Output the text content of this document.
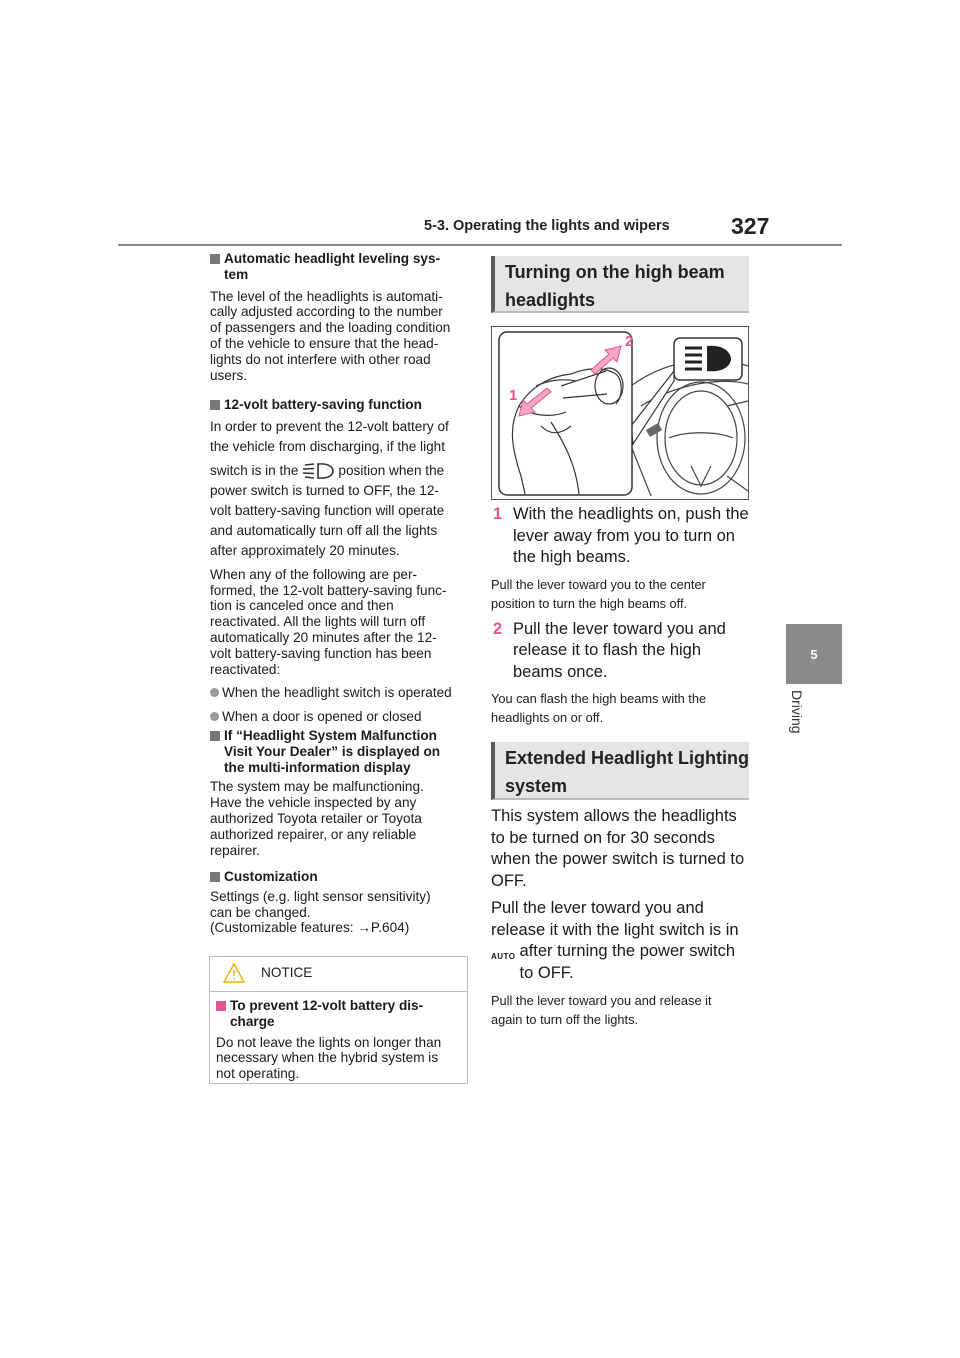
5-3. Operating the lights and wipers	327
5
Driving
Automatic headlight leveling sys-
tem

The level of the headlights is automati-
cally adjusted according to the number
of passengers and the loading condition
of the vehicle to ensure that the head-
lights do not interfere with other road
users.

12-volt battery-saving function

In order to prevent the 12-volt battery of
the vehicle from discharging, if the light

switch is in the	position when the

power switch is turned to OFF, the 12-
volt battery-saving function will operate
and automatically turn off all the lights
after approximately 20 minutes.

When any of the following are per-
formed, the 12-volt battery-saving func-
tion is canceled once and then
reactivated. All the lights will turn off
automatically 20 minutes after the 12-
volt battery-saving function has been
reactivated:

When the headlight switch is operated
When a door is opened or closed
If “Headlight System Malfunction
Visit Your Dealer” is displayed on
the multi-information display

The system may be malfunctioning.
Have the vehicle inspected by any
authorized Toyota retailer or Toyota
authorized repairer, or any reliable
repairer.

Customization

Settings (e.g. light sensor sensitivity)
can be changed.
(Customizable features: →P.604)

NOTICE
To prevent 12-volt battery dis-
charge

Do not leave the lights on longer than
necessary when the hybrid system is
not operating.

Turning on the high beam
headlights
2
1
1 With the headlights on, push the
lever away from you to turn on
the high beams.

Pull the lever toward you to the center
position to turn the high beams off.

2 Pull the lever toward you and
release it to flash the high
beams once.

You can flash the high beams with the
headlights on or off.

Extended Headlight Lighting
system

This system allows the headlights
to be turned on for 30 seconds
when the power switch is turned to
OFF.

Pull the lever toward you and
release it with the light switch is in

AUTO after turning the power switch
to OFF.

Pull the lever toward you and release it
again to turn off the lights.
